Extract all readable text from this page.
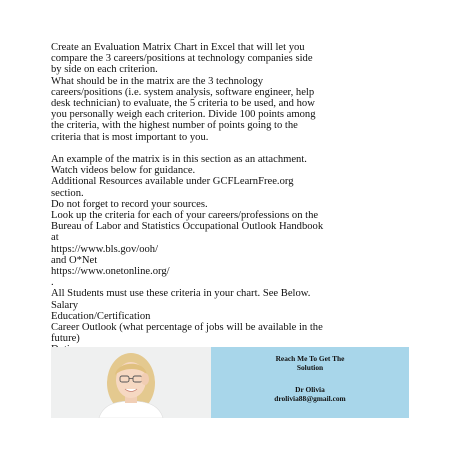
Create an Evaluation Matrix Chart in Excel that will let you

compare the 3 careers/positions at technology companies side

by side on each criterion.

What should be in the matrix are the 3 technology

careers/positions (i.e. system analysis, software engineer, help

desk technician) to evaluate, the 5 criteria to be used, and how

you personally weigh each criterion. Divide 100 points among

the criteria, with the highest number of points going to the

criteria that is most important to you.

An example of the matrix is in this section as an attachment.

Watch videos below for guidance.

Additional Resources available under GCFLearnFree.org

section.

Do not forget to record your sources.

Look up the criteria for each of your careers/professions on the

Bureau of Labor and Statistics Occupational Outlook Handbook

at

https://www.bls.gov/ooh/

and O*Net

https://www.onetonline.org/

.

All Students must use these criteria in your chart. See Below.

Salary

Education/Certification

Career Outlook (what percentage of jobs will be available in the

future)

Reach Me To Get The
Solution
Dr Olivia
drolivia88@gmail.com
